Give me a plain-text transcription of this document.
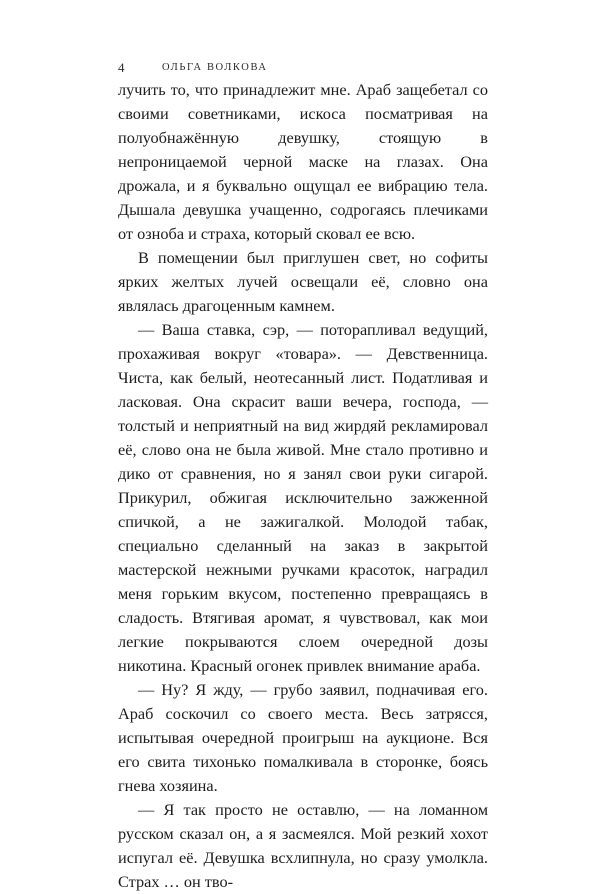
4	ОЛЬГА ВОЛКОВА

лучить то, что принадлежит мне. Араб защебетал со своими советниками, искоса посматривая на полуобнажённую девушку, стоящую в непроницаемой черной маске на глазах. Она дрожала, и я буквально ощущал ее вибрацию тела. Дышала девушка учащенно, содрогаясь плечиками от озноба и страха, который сковал ее всю.

В помещении был приглушен свет, но софиты ярких желтых лучей освещали её, словно она являлась драгоценным камнем.

— Ваша ставка, сэр, — поторапливал ведущий, прохаживая вокруг «товара». — Девственница. Чиста, как белый, неотесанный лист. Податливая и ласковая. Она скрасит ваши вечера, господа, — толстый и неприятный на вид жирдяй рекламировал её, слово она не была живой. Мне стало противно и дико от сравнения, но я занял свои руки сигарой. Прикурил, обжигая исключительно зажженной спичкой, а не зажигалкой. Молодой табак, специально сделанный на заказ в закрытой мастерской нежными ручками красоток, наградил меня горьким вкусом, постепенно превращаясь в сладость. Втягивая аромат, я чувствовал, как мои легкие покрываются слоем очередной дозы никотина. Красный огонек привлек внимание араба.

— Ну? Я жду, — грубо заявил, подначивая его. Араб соскочил со своего места. Весь затрясся, испытывая очередной проигрыш на аукционе. Вся его свита тихонько помалкивала в сторонке, боясь гнева хозяина.

— Я так просто не оставлю, — на ломанном русском сказал он, а я засмеялся. Мой резкий хохот испугал её. Девушка всхлипнула, но сразу умолкла. Страх … он тво-
